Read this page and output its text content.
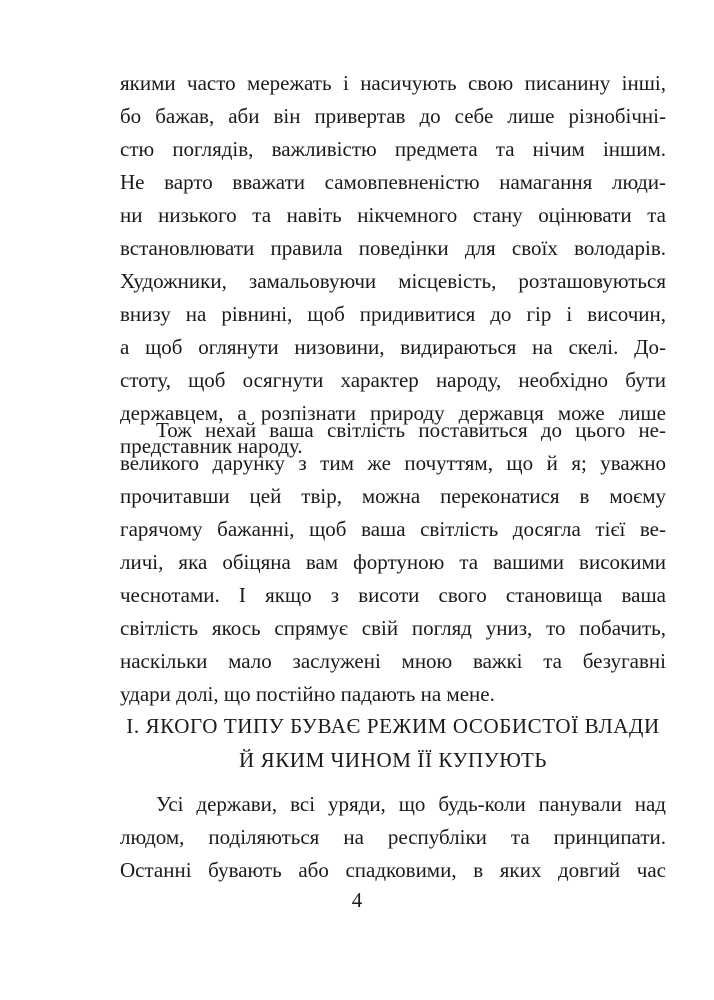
якими часто мережать і насичують свою писанину інші,
бо бажав, аби він привертав до себе лише різнобічні-
стю поглядів, важливістю предмета та нічим іншим.
Не варто вважати самовпевненістю намагання люди-
ни низького та навіть нікчемного стану оцінювати та
встановлювати правила поведінки для своїх володарів.
Художники, замальовуючи місцевість, розташовуються
внизу на рівнині, щоб придивитися до гір і височин,
а щоб оглянути низовини, видираються на скелі. До-
стоту, щоб осягнути характер народу, необхідно бути
державцем, а розпізнати природу державця може лише
представник народу.
Тож нехай ваша світлість поставиться до цього не-
великого дарунку з тим же почуттям, що й я; уважно
прочитавши цей твір, можна переконатися в моєму
гарячому бажанні, щоб ваша світлість досягла тієї ве-
личі, яка обіцяна вам фортуною та вашими високими
чеснотами. І якщо з висоти свого становища ваша
світлість якось спрямує свій погляд униз, то побачить,
наскільки мало заслужені мною важкі та безугавні
удари долі, що постійно падають на мене.
І. ЯКОГО ТИПУ БУВАЄ РЕЖИМ ОСОБИСТОЇ ВЛАДИ
Й ЯКИМ ЧИНОМ ЇЇ КУПУЮТЬ
Усі держави, всі уряди, що будь-коли панували над
людом, поділяються на республіки та принципати.
Останні бувають або спадковими, в яких довгий час
4
